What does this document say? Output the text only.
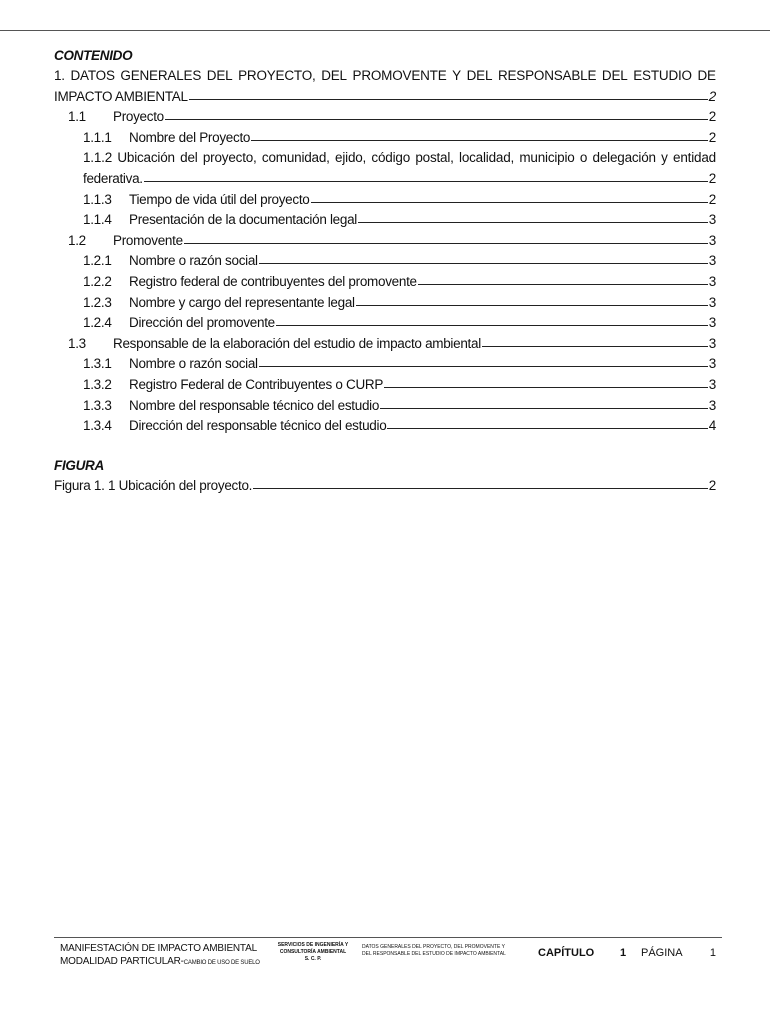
CONTENIDO
1. DATOS GENERALES DEL PROYECTO, DEL PROMOVENTE Y DEL RESPONSABLE DEL ESTUDIO DE
IMPACTO AMBIENTAL	2
1.1	Proyecto	2
1.1.1	Nombre del Proyecto	2
1.1.2 Ubicación del proyecto, comunidad, ejido, código postal, localidad, municipio o delegación y entidad
federativa.	2
1.1.3	Tiempo de vida útil del proyecto	2
1.1.4	Presentación de la documentación legal	3
1.2	Promovente	3
1.2.1	Nombre o razón social	3
1.2.2	Registro federal de contribuyentes del promovente	3
1.2.3	Nombre y cargo del representante legal	3
1.2.4	Dirección del promovente	3
1.3	Responsable de la elaboración del estudio de impacto ambiental	3
1.3.1	Nombre o razón social	3
1.3.2	Registro Federal de Contribuyentes o CURP	3
1.3.3	Nombre del responsable técnico del estudio	3
1.3.4	Dirección del responsable técnico del estudio	4
FIGURA
Figura 1. 1 Ubicación del proyecto.	2
MANIFESTACIÓN DE IMPACTO AMBIENTAL
MODALIDAD PARTICULAR-CAMBIO DE USO DE SUELO
SERVICIOS DE INGENIERÍA Y
CONSULTORÍA AMBIENTAL
S. C. P.
DATOS GENERALES DEL PROYECTO, DEL PROMOVENTE Y
DEL RESPONSABLE DEL ESTUDIO DE IMPACTO AMBIENTAL	CAPÍTULO 1 PÁGINA 1
